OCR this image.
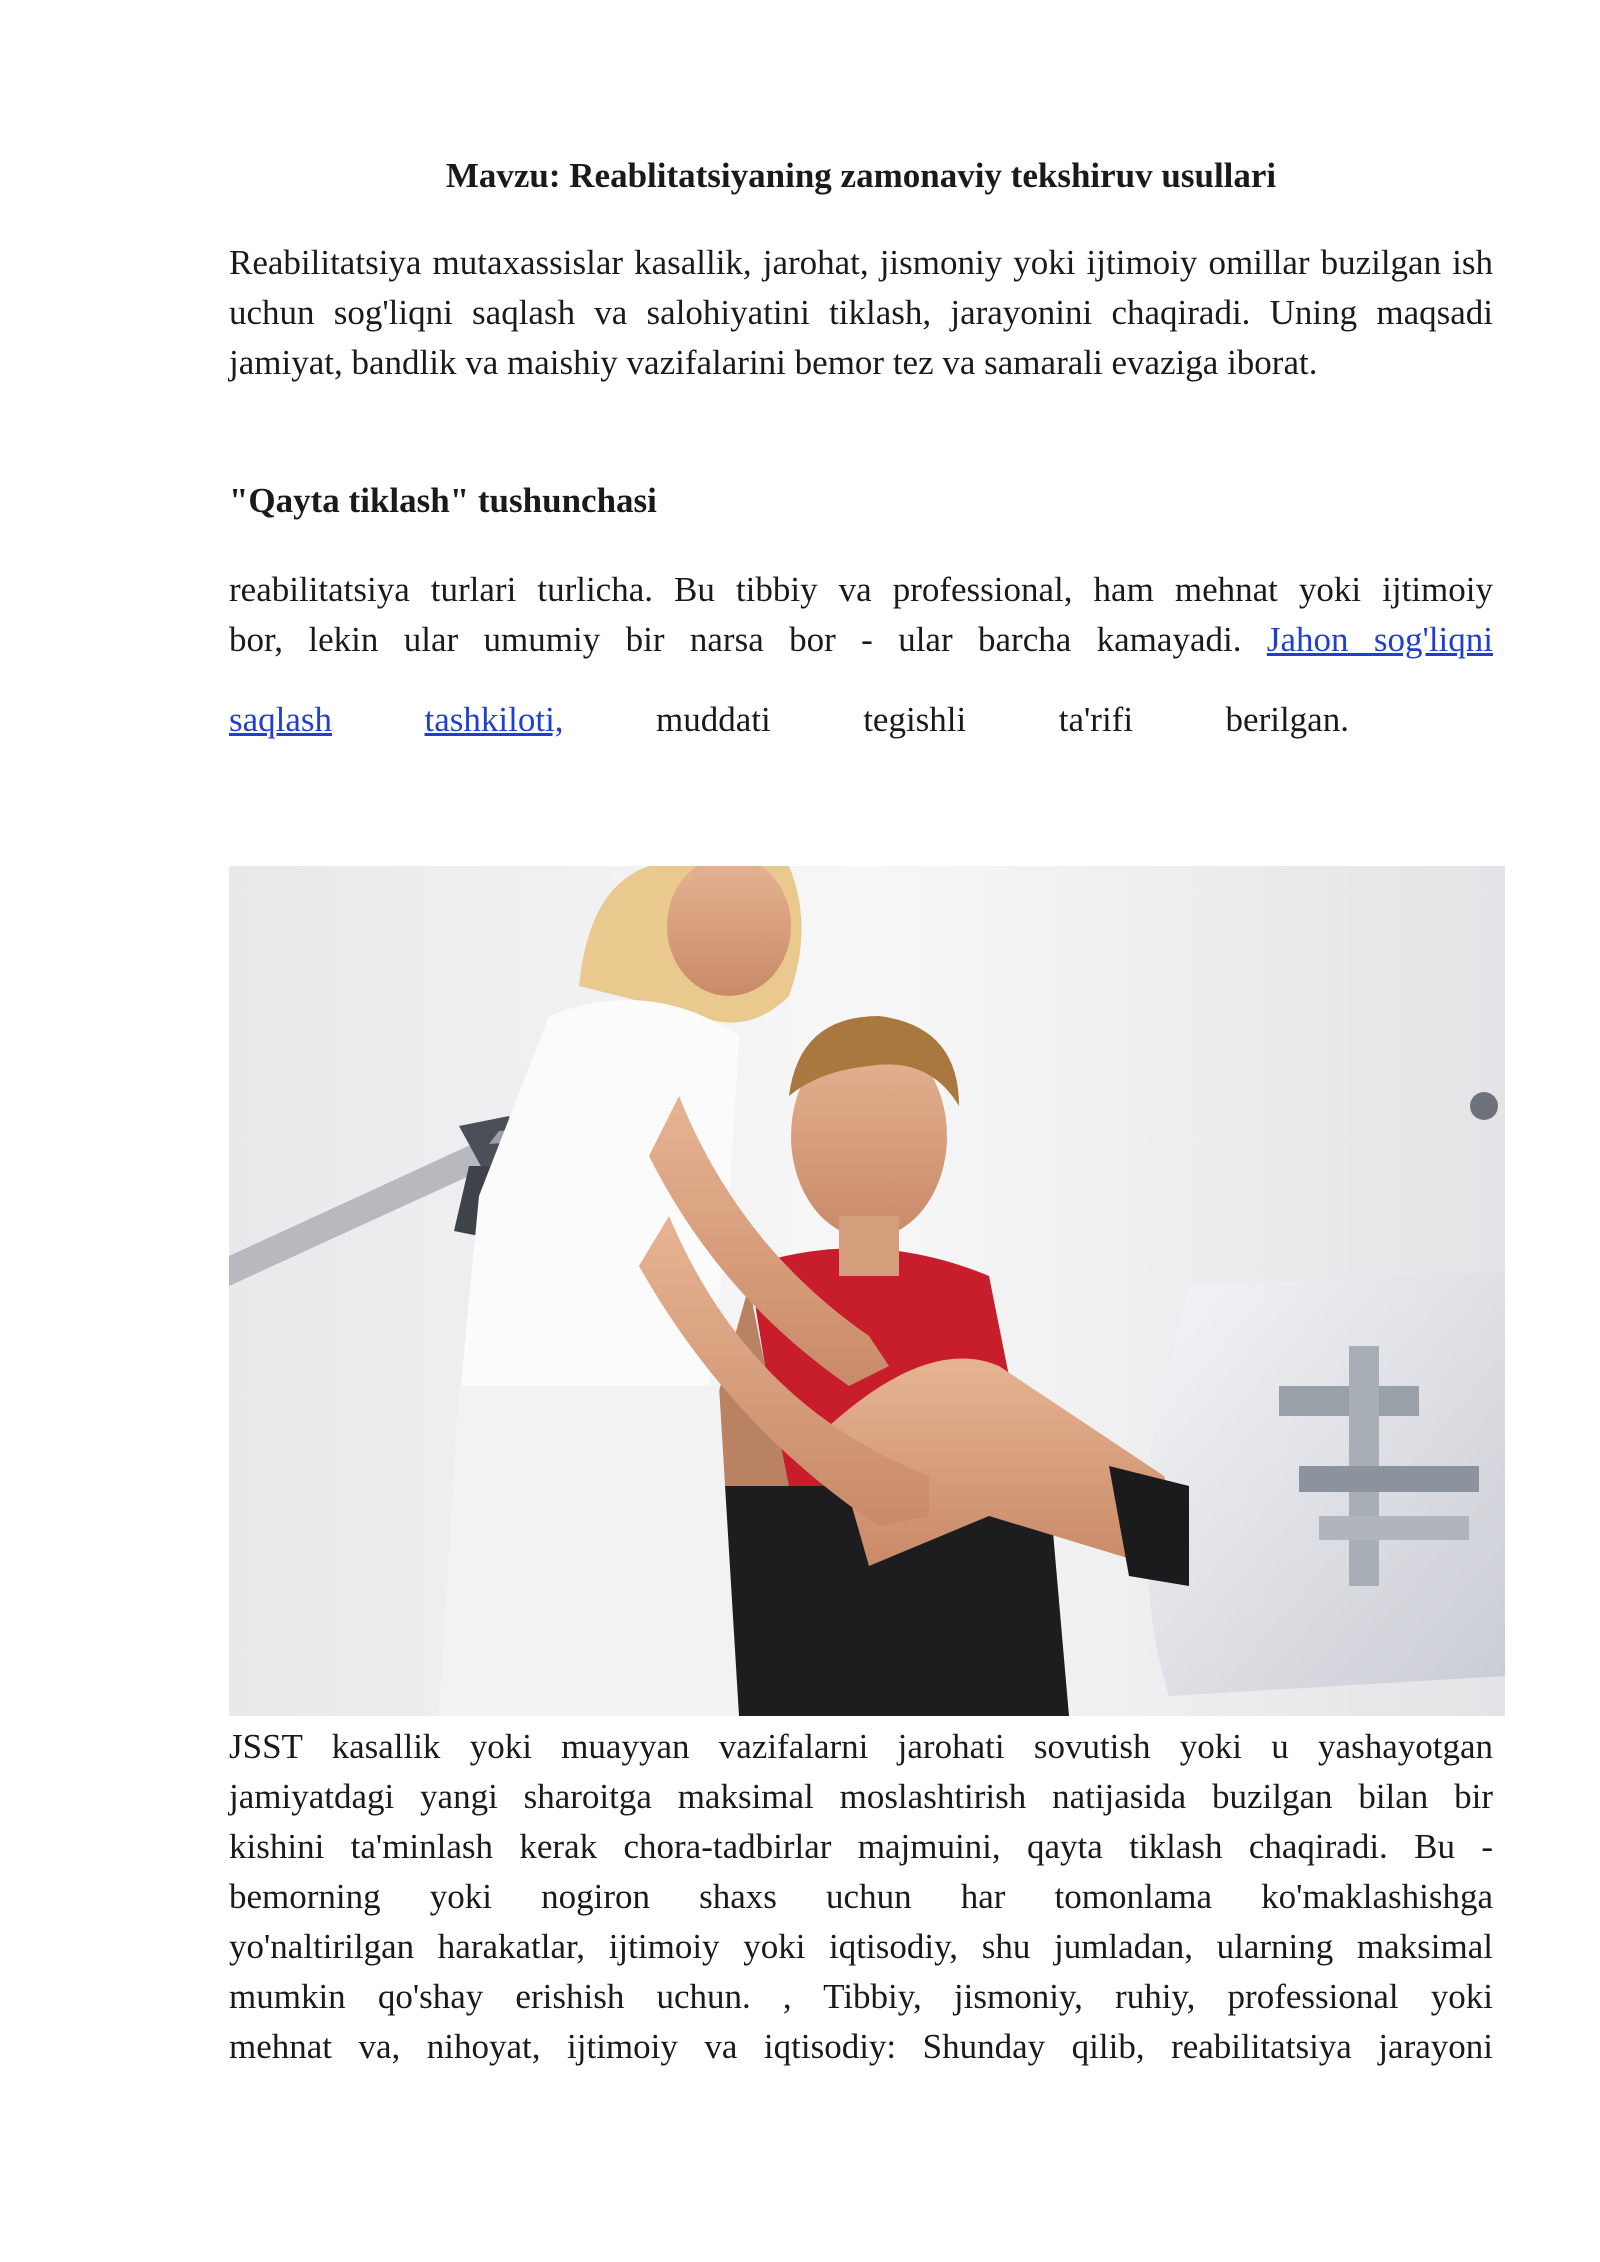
Mavzu: Reablitatsiyaning zamonaviy tekshiruv usullari

Reabilitatsiya mutaxassislar kasallik, jarohat, jismoniy yoki ijtimoiy omillar buzilgan ish uchun sog'liqni saqlash va salohiyatini tiklash, jarayonini chaqiradi. Uning maqsadi jamiyat, bandlik va maishiy vazifalarini bemor tez va samarali evaziga iborat.

"Qayta tiklash" tushunchasi
reabilitatsiya turlari turlicha. Bu tibbiy va professional, ham mehnat yoki ijtimoiy
bor, lekin ular umumiy bir narsa bor - ular barcha kamayadi. Jahon sog'liqni
saqlash	tashkiloti,	muddati	tegishli	ta'rifi	berilgan.
JSST kasallik yoki muayyan vazifalarni jarohati sovutish yoki u yashayotgan
jamiyatdagi yangi sharoitga maksimal moslashtirish natijasida buzilgan bilan bir
kishini ta'minlash kerak chora-tadbirlar majmuini, qayta tiklash chaqiradi. Bu -
bemorning yoki nogiron shaxs uchun har tomonlama ko'maklashishga
yo'naltirilgan harakatlar, ijtimoiy yoki iqtisodiy, shu jumladan, ularning maksimal
mumkin qo'shay erishish uchun. , Tibbiy, jismoniy, ruhiy, professional yoki
mehnat va, nihoyat, ijtimoiy va iqtisodiy: Shunday qilib, reabilitatsiya jarayoni
